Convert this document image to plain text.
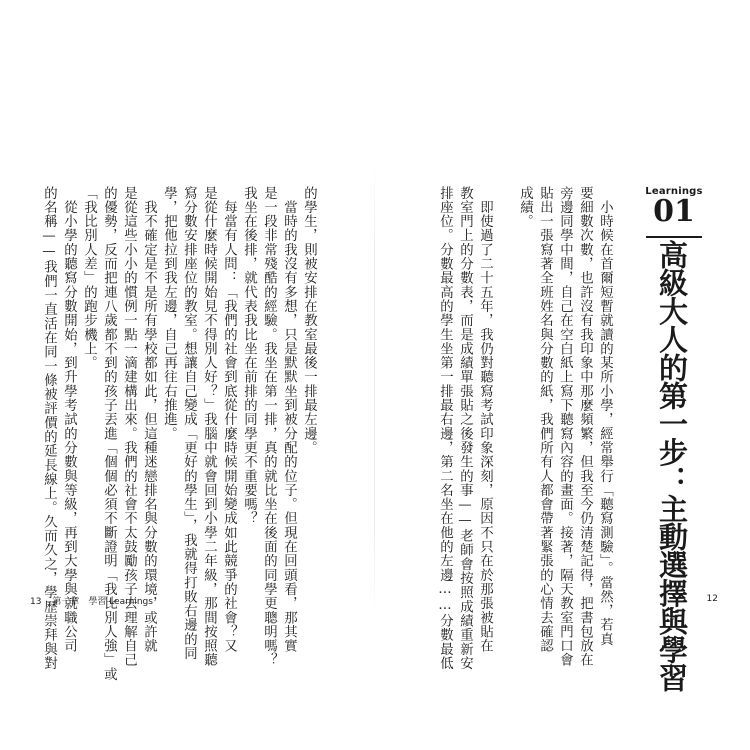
Learnings
01
高級大人的第一步：主動選擇與學習
　小時候在首爾短暫就讀的某所小學，經常舉行「聽寫測驗」。當然，若真
要細數次數，也許沒有我印象中那麼頻繁，但我至今仍清楚記得，把書包放在
旁邊同學中間，自己在空白紙上寫下聽寫內容的畫面。接著，隔天教室門口會
貼出一張寫著全班姓名與分數的紙，我們所有人都會帶著緊張的心情去確認
成績。
　即使過了二十五年，我仍對聽寫考試印象深刻，原因不只在於那張被貼在
教室門上的分數表，而是成績單張貼之後發生的事——老師會按照成績重新安
排座位。分數最高的學生坐第一排最右邊，第二名坐在他的左邊……分數最低
的學生，則被安排在教室最後一排最左邊。
　當時的我沒有多想，只是默默坐到被分配的位子。但現在回頭看，那其實
是一段非常殘酷的經驗。我坐在第一排，真的就比坐在後面的同學更聰明嗎？
我坐在後排，就代表我比坐在前排的同學更不重要嗎？
　每當有人問：「我們的社會到底從什麼時候開始變成如此競爭的社會？又
是從什麼時候開始見不得別人好？」我腦中就會回到小學二年級，那間按照聽
寫分數安排座位的教室。想讓自己變成「更好的學生」，我就得打敗右邊的同
學，把他拉到我左邊，自己再往右推進。
　我不確定是不是所有學校都如此，但這種迷戀排名與分數的環境，或許就
是從這些小小的慣例一點一滴建構出來。我們的社會不太鼓勵孩子去理解自己
的優勢，反而把連八歲都不到的孩子丟進「個個必須不斷證明「我比別人強」或
「我比別人差」的跑步機上。
　從小學的聽寫分數開始，到升學考試的分數與等級，再到大學與就職公司
的名稱——我們一直活在同一條被評價的延長線上。久而久之，學歷崇拜與對
13 第一章　學習 Learnings	12
